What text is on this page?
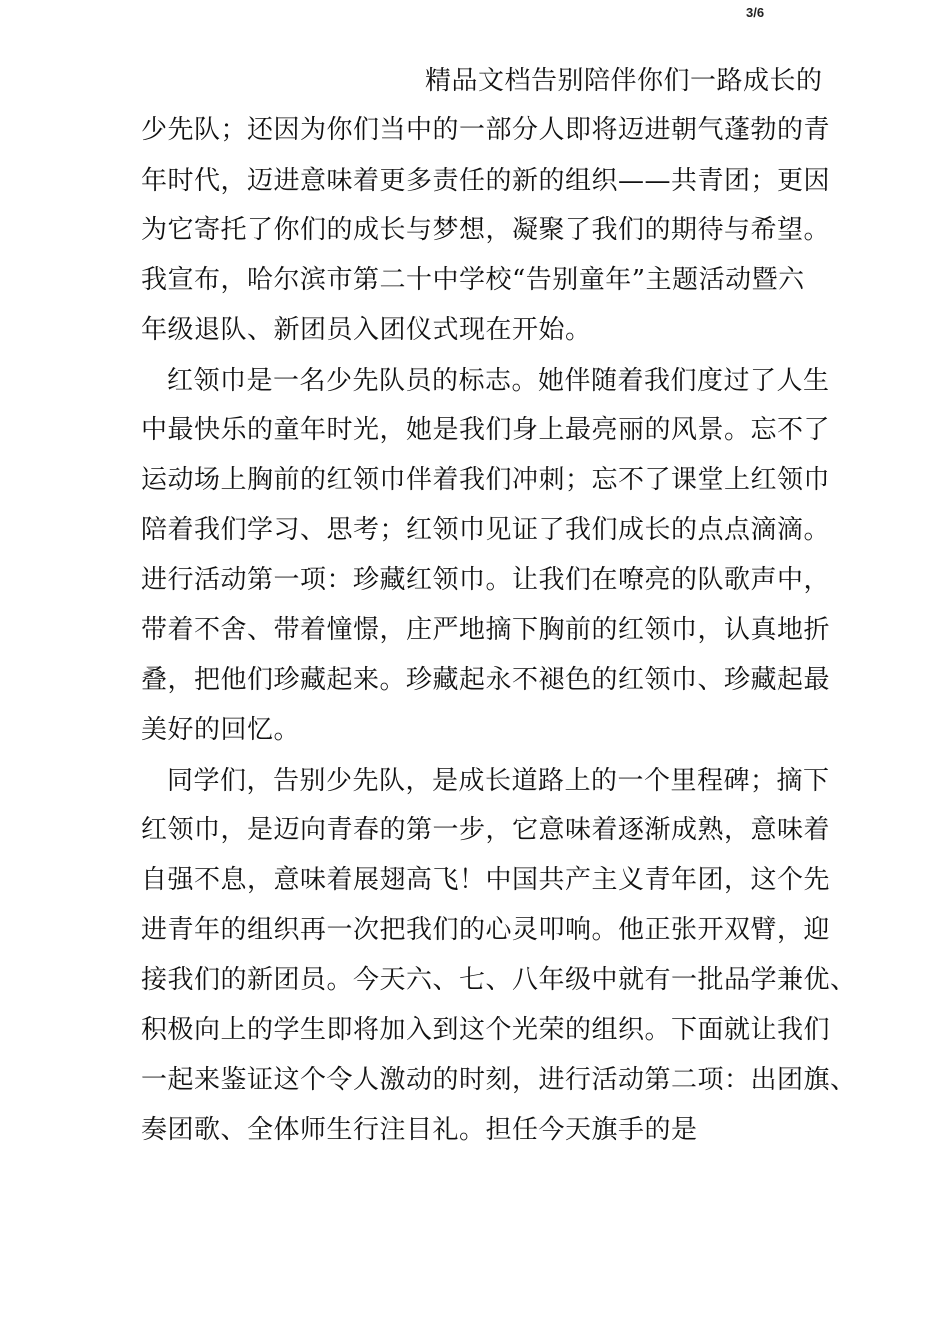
3/6
精品文档告别陪伴你们一路成长的
少先队；还因为你们当中的一部分人即将迈进朝气蓬勃的青
年时代，迈进意味着更多责任的新的组织——共青团；更因
为它寄托了你们的成长与梦想，凝聚了我们的期待与希望。
我宣布，哈尔滨市第二十中学校“告别童年”主题活动暨六
年级退队、新团员入团仪式现在开始。
红领巾是一名少先队员的标志。她伴随着我们度过了人生
中最快乐的童年时光，她是我们身上最亮丽的风景。忘不了
运动场上胸前的红领巾伴着我们冲刺；忘不了课堂上红领巾
陪着我们学习、思考；红领巾见证了我们成长的点点滴滴。
进行活动第一项：珍藏红领巾。让我们在嘹亮的队歌声中，
带着不舍、带着憧憬，庄严地摘下胸前的红领巾，认真地折
叠，把他们珍藏起来。珍藏起永不褪色的红领巾、珍藏起最
美好的回忆。
同学们，告别少先队，是成长道路上的一个里程碑；摘下
红领巾，是迈向青春的第一步，它意味着逐渐成熟，意味着
自强不息，意味着展翅高飞！中国共产主义青年团，这个先
进青年的组织再一次把我们的心灵叩响。他正张开双臂，迎
接我们的新团员。今天六、七、八年级中就有一批品学兼优、
积极向上的学生即将加入到这个光荣的组织。下面就让我们
一起来鉴证这个令人激动的时刻，进行活动第二项：出团旗、
奏团歌、全体师生行注目礼。担任今天旗手的是
